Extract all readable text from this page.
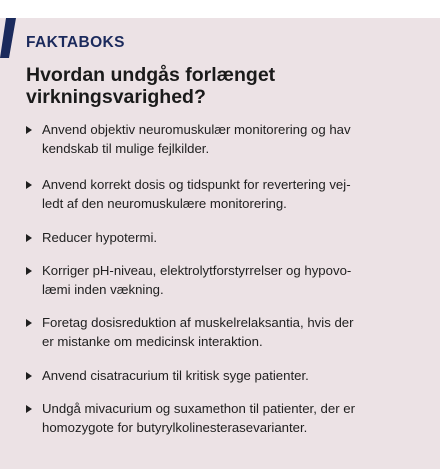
FAKTABOKS
Hvordan undgås forlænget
virkningsvarighed?
Anvend objektiv neuromuskulær monitorering og hav
kendskab til mulige fejlkilder.
Anvend korrekt dosis og tidspunkt for revertering vej-
ledt af den neuromuskulære monitorering.
Reducer hypotermi.
Korriger pH-niveau, elektrolytforstyrrelser og hypovo-
læmi inden vækning.
Foretag dosisreduktion af muskelrelaksantia, hvis der
er mistanke om medicinsk interaktion.
Anvend cisatracurium til kritisk syge patienter.
Undgå mivacurium og suxamethon til patienter, der er
homozygote for butyrylkolinesterasevarianter.
